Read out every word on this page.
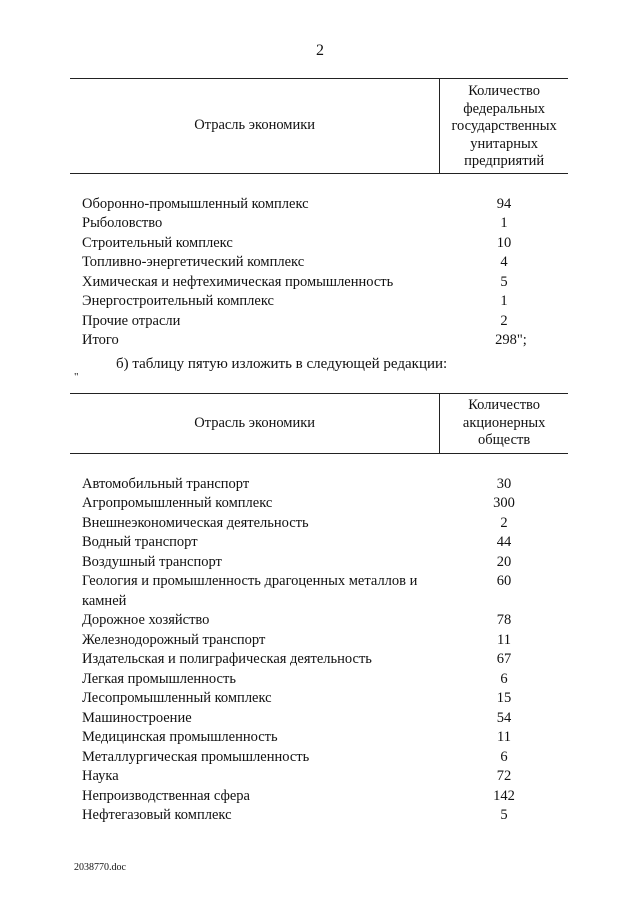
2
Отрасль экономики
Количество
федеральных
государственных
унитарных
предприятий
Оборонно-промышленный комплекс	94
Рыболовство	1
Строительный комплекс	10
Топливно-энергетический комплекс	4
Химическая и нефтехимическая промышленность	5
Энергостроительный комплекс	1
Прочие отрасли	2
Итого	298";
б) таблицу пятую изложить в следующей редакции:
"
Отрасль экономики
Количество
акционерных
обществ
Автомобильный транспорт	30
Агропромышленный комплекс	300
Внешнеэкономическая деятельность	2
Водный транспорт	44
Воздушный транспорт	20
Геология и промышленность драгоценных металлов и	60
камней
Дорожное хозяйство	78
Железнодорожный транспорт	11
Издательская и полиграфическая деятельность	67
Легкая промышленность	6
Лесопромышленный комплекс	15
Машиностроение	54
Медицинская промышленность	11
Металлургическая промышленность	6
Наука	72
Непроизводственная сфера	142
Нефтегазовый комплекс	5
2038770.doc
